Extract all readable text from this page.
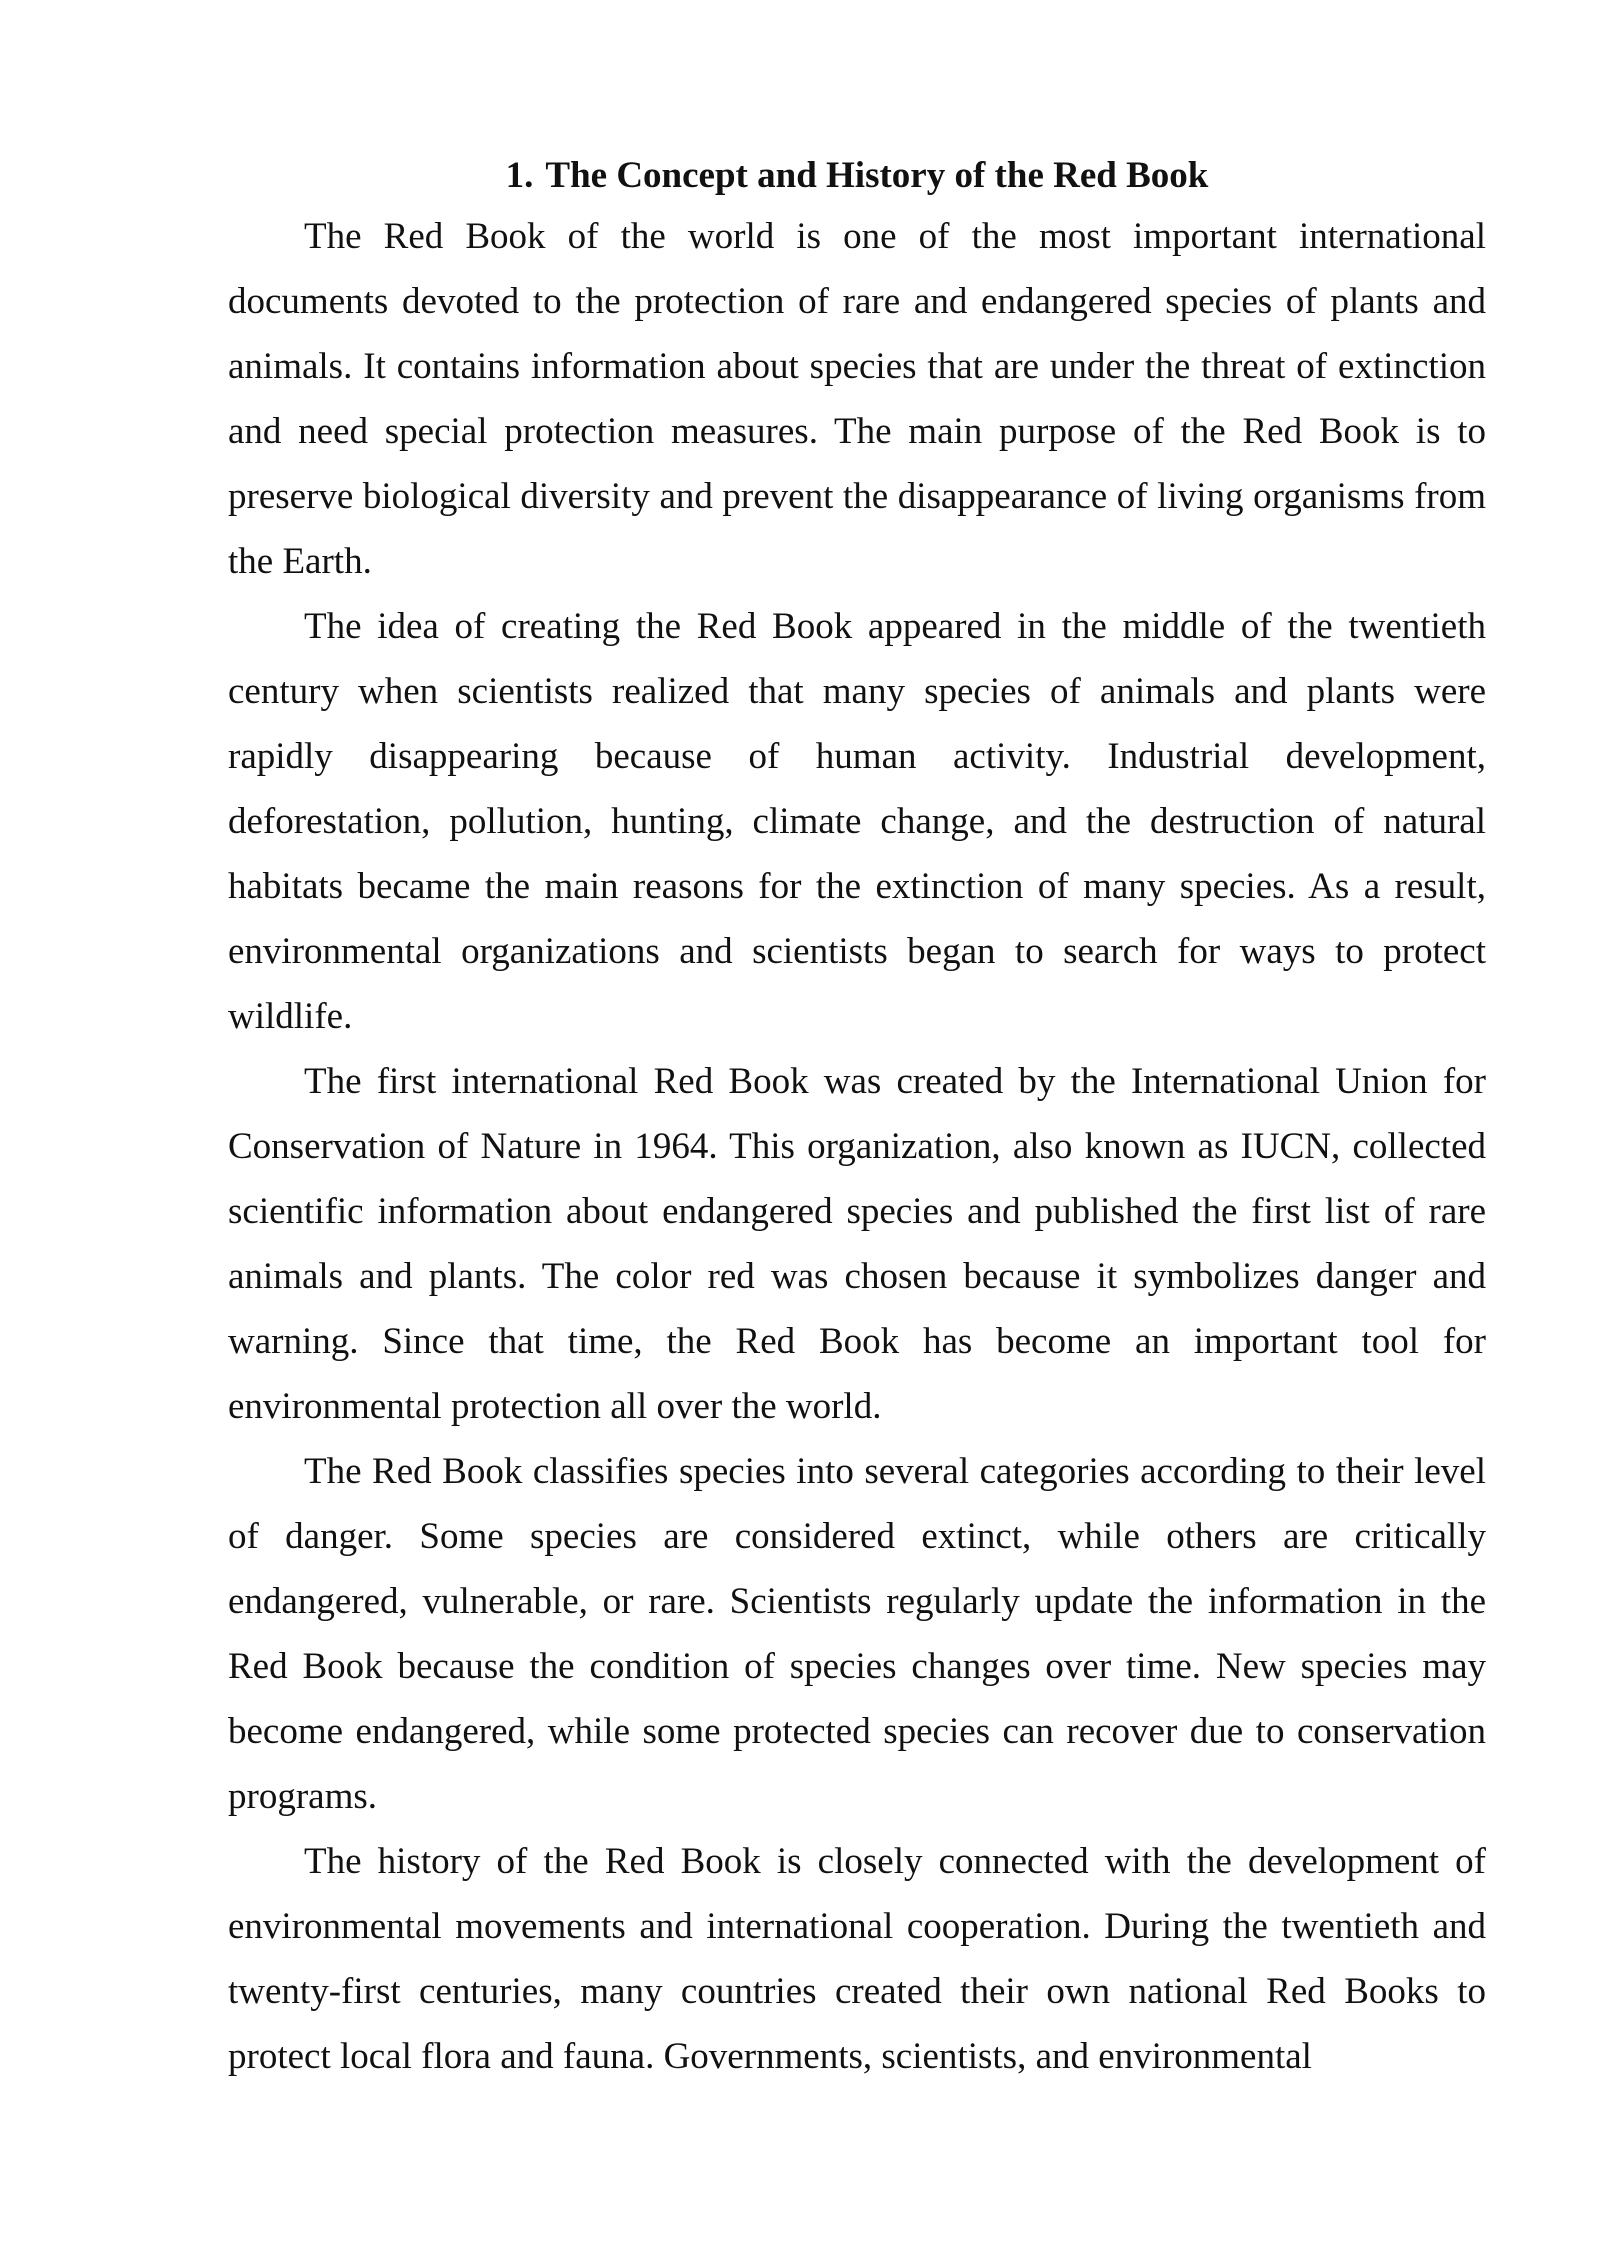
1. The Concept and History of the Red Book

The Red Book of the world is one of the most important international documents devoted to the protection of rare and endangered species of plants and animals. It contains information about species that are under the threat of extinction and need special protection measures. The main purpose of the Red Book is to preserve biological diversity and prevent the disappearance of living organisms from the Earth.

The idea of creating the Red Book appeared in the middle of the twentieth century when scientists realized that many species of animals and plants were rapidly disappearing because of human activity. Industrial development, deforestation, pollution, hunting, climate change, and the destruction of natural habitats became the main reasons for the extinction of many species. As a result, environmental organizations and scientists began to search for ways to protect wildlife.

The first international Red Book was created by the International Union for Conservation of Nature in 1964. This organization, also known as IUCN, collected scientific information about endangered species and published the first list of rare animals and plants. The color red was chosen because it symbolizes danger and warning. Since that time, the Red Book has become an important tool for environmental protection all over the world.

The Red Book classifies species into several categories according to their level of danger. Some species are considered extinct, while others are critically endangered, vulnerable, or rare. Scientists regularly update the information in the Red Book because the condition of species changes over time. New species may become endangered, while some protected species can recover due to conservation programs.

The history of the Red Book is closely connected with the development of environmental movements and international cooperation. During the twentieth and twenty-first centuries, many countries created their own national Red Books to protect local flora and fauna. Governments, scientists, and environmental
